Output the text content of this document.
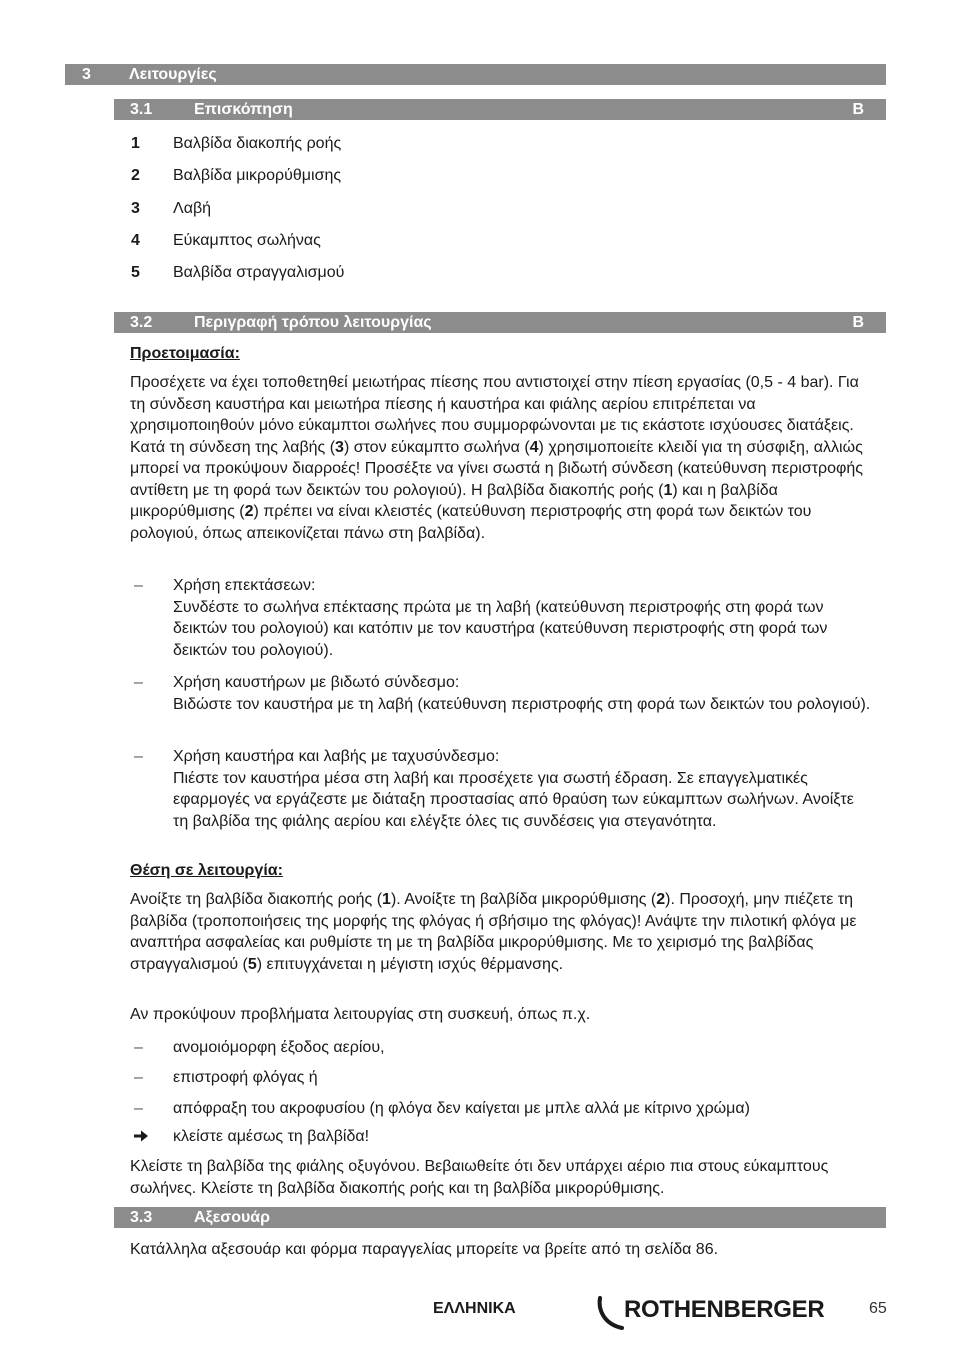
3 Λειτουργίες
3.1	Επισκόπηση	B
1	Βαλβίδα διακοπής ροής
2	Βαλβίδα μικρορύθμισης
3	Λαβή
4	Εύκαμπτος σωλήνας
5	Βαλβίδα στραγγαλισμού
3.2	Περιγραφή τρόπου λειτουργίας	B
Προετοιμασία:
Προσέχετε να έχει τοποθετηθεί μειωτήρας πίεσης που αντιστοιχεί στην πίεση εργασίας (0,5 - 4 bar). Για τη σύνδεση καυστήρα και μειωτήρα πίεσης ή καυστήρα και φιάλης αερίου επιτρέπεται να χρησιμοποιηθούν μόνο εύκαμπτοι σωλήνες που συμμορφώνονται με τις εκάστοτε ισχύουσες διατάξεις. Κατά τη σύνδεση της λαβής (3) στον εύκαμπτο σωλήνα (4) χρησιμοποιείτε κλειδί για τη σύσφιξη, αλλιώς μπορεί να προκύψουν διαρροές! Προσέξτε να γίνει σωστά η βιδωτή σύνδεση (κατεύθυνση περιστροφής αντίθετη με τη φορά των δεικτών του ρολογιού). Η βαλβίδα διακοπής ροής (1) και η βαλβίδα μικρορύθμισης (2) πρέπει να είναι κλειστές (κατεύθυνση περιστροφής στη φορά των δεικτών του ρολογιού, όπως απεικονίζεται πάνω στη βαλβίδα).
– Χρήση επεκτάσεων:
Συνδέστε το σωλήνα επέκτασης πρώτα με τη λαβή (κατεύθυνση περιστροφής στη φορά των δεικτών του ρολογιού) και κατόπιν με τον καυστήρα (κατεύθυνση περιστροφής στη φορά των δεικτών του ρολογιού).
– Χρήση καυστήρων με βιδωτό σύνδεσμο:
Βιδώστε τον καυστήρα με τη λαβή (κατεύθυνση περιστροφής στη φορά των δεικτών του ρολογιού).
– Χρήση καυστήρα και λαβής με ταχυσύνδεσμο:
Πιέστε τον καυστήρα μέσα στη λαβή και προσέχετε για σωστή έδραση. Σε επαγγελματικές εφαρμογές να εργάζεστε με διάταξη προστασίας από θραύση των εύκαμπτων σωλήνων. Ανοίξτε τη βαλβίδα της φιάλης αερίου και ελέγξτε όλες τις συνδέσεις για στεγανότητα.
Θέση σε λειτουργία:
Ανοίξτε τη βαλβίδα διακοπής ροής (1). Ανοίξτε τη βαλβίδα μικρορύθμισης (2). Προσοχή, μην πιέζετε τη βαλβίδα (τροποποιήσεις της μορφής της φλόγας ή σβήσιμο της φλόγας)! Ανάψτε την πιλοτική φλόγα με αναπτήρα ασφαλείας και ρυθμίστε τη με τη βαλβίδα μικρορύθμισης. Με το χειρισμό της βαλβίδας στραγγαλισμού (5) επιτυγχάνεται η μέγιστη ισχύς θέρμανσης.
Αν προκύψουν προβλήματα λειτουργίας στη συσκευή, όπως π.χ.
– ανομοιόμορφη έξοδος αερίου,
– επιστροφή φλόγας ή
– απόφραξη του ακροφυσίου (η φλόγα δεν καίγεται με μπλε αλλά με κίτρινο χρώμα)
κλείστε αμέσως τη βαλβίδα!
Κλείστε τη βαλβίδα της φιάλης οξυγόνου. Βεβαιωθείτε ότι δεν υπάρχει αέριο πια στους εύκαμπτους σωλήνες. Κλείστε τη βαλβίδα διακοπής ροής και τη βαλβίδα μικρορύθμισης.
3.3	Αξεσουάρ
Κατάλληλα αξεσουάρ και φόρμα παραγγελίας μπορείτε να βρείτε από τη σελίδα 86.
ΕΛΛΗΝΙΚΑ	ROTHENBERGER	65
